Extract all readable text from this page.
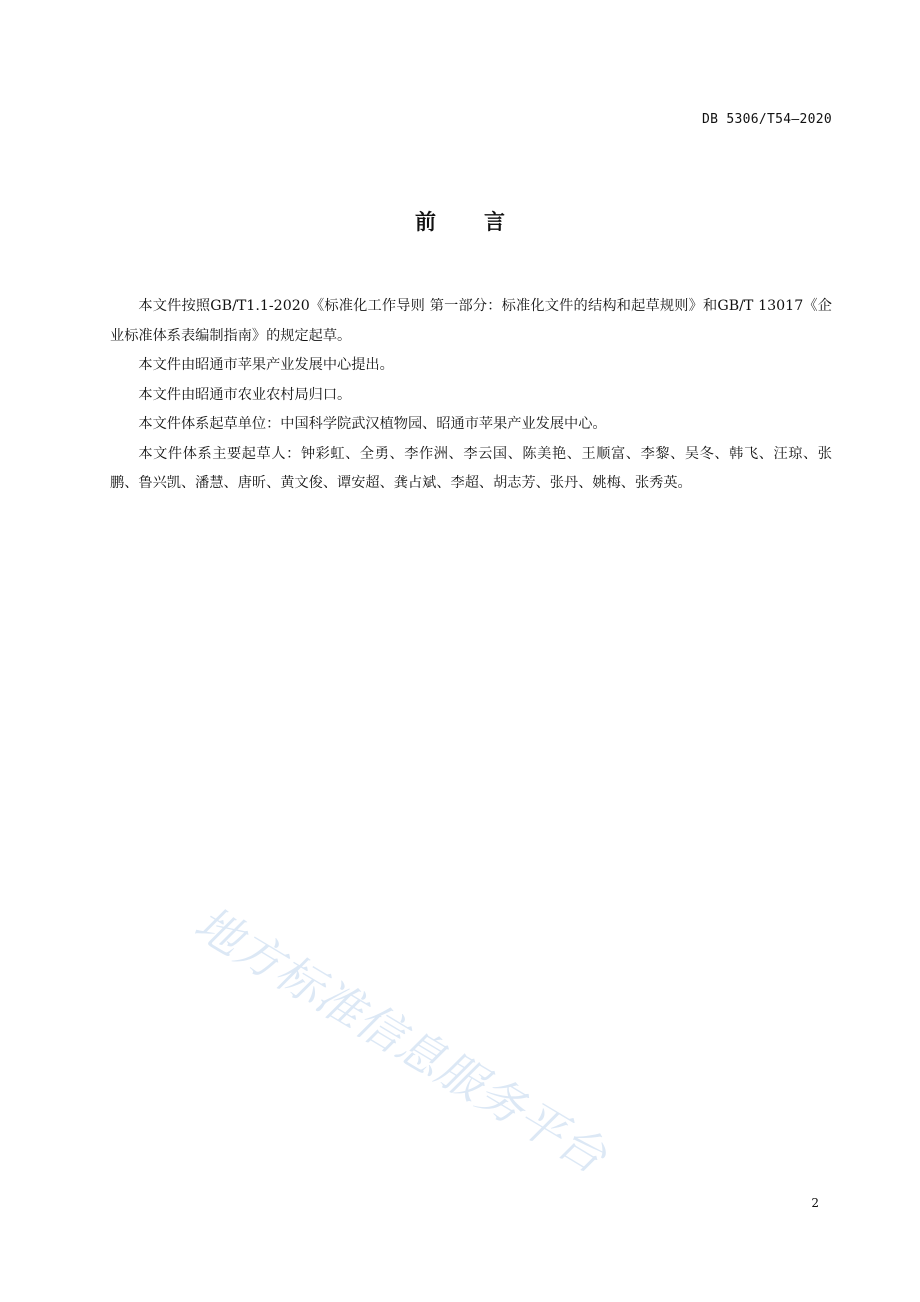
DB 5306/T54—2020
前 言

本文件按照GB/T1.1-2020《标准化工作导则 第一部分：标准化文件的结构和起草规则》和GB/T 13017《企业标准体系表编制指南》的规定起草。

本文件由昭通市苹果产业发展中心提出。

本文件由昭通市农业农村局归口。

本文件体系起草单位：中国科学院武汉植物园、昭通市苹果产业发展中心。

本文件体系主要起草人：钟彩虹、全勇、李作洲、李云国、陈美艳、王顺富、李黎、吴冬、韩飞、汪琼、张鹏、鲁兴凯、潘慧、唐昕、黄文俊、谭安超、龚占斌、李超、胡志芳、张丹、姚梅、张秀英。

地方标准信息服务平台
2
